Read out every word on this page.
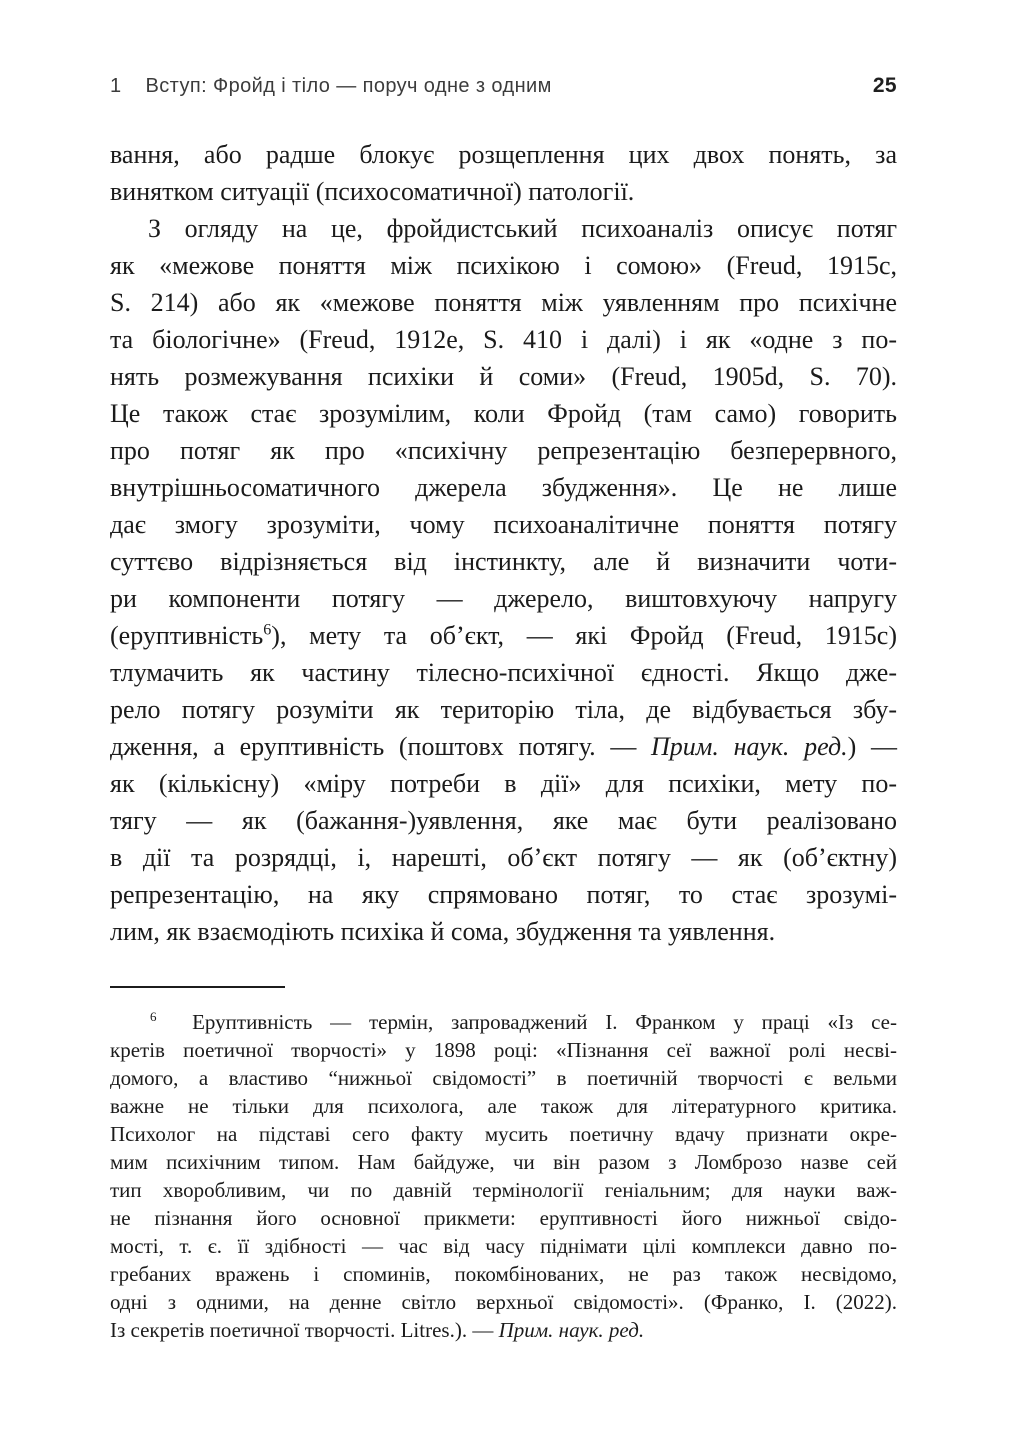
1 Вступ: Фройд і тіло — поруч одне з одним	25
вання, або радше блокує розщеплення цих двох понять, за
винятком ситуації (психосоматичної) патології.
З огляду на це, фройдистський психоаналіз описує потяг
як «межове поняття між психікою і сомою» (Freud, 1915c,
S. 214) або як «межове поняття між уявленням про психічне
та біологічне» (Freud, 1912e, S. 410 і далі) і як «одне з по-
нять розмежування психіки й соми» (Freud, 1905d, S. 70).
Це також стає зрозумілим, коли Фройд (там само) говорить
про потяг як про «психічну репрезентацію безперервного,
внутрішньосоматичного джерела збудження». Це не лише
дає змогу зрозуміти, чому психоаналітичне поняття потягу
суттєво відрізняється від інстинкту, але й визначити чоти-
ри компоненти потягу — джерело, виштовхуючу напругу
(еруптивність$^6$), мету та об’єкт, — які Фройд (Freud, 1915c)
тлумачить як частину тілесно-психічної єдності. Якщо дже-
рело потягу розуміти як територію тіла, де відбувається збу-
дження, а еруптивність (поштовх потягу. — Прим. наук. ред.) —
як (кількісну) «міру потреби в дії» для психіки, мету по-
тягу — як (бажання-)уявлення, яке має бути реалізовано
в дії та розрядці, і, нарешті, об’єкт потягу — як (об’єктну)
репрезентацію, на яку спрямовано потяг, то стає зрозумі-
лим, як взаємодіють психіка й сома, збудження та уявлення.
$^6$  Еруптивність — термін, запроваджений І. Франком у праці «Із се-
кретів поетичної творчості» у 1898 році: «Пізнання сеї важної ролі несві-
домого, а властиво “нижньої свідомості” в поетичній творчості є вельми
важне не тільки для психолога, але також для літературного критика.
Психолог на підставі сего факту мусить поетичну вдачу признати окре-
мим психічним типом. Нам байдуже, чи він разом з Ломброзо назве сей
тип хворобливим, чи по давній термінології геніальним; для науки важ-
не пізнання його основної прикмети: еруптивності його нижньої свідо-
мості, т. є. її здібності — час від часу піднімати цілі комплекси давно по-
гребаних вражень і споминів, покомбінованих, не раз також несвідомо,
одні з одними, на денне світло верхньої свідомості». (Франко, І. (2022).
Із секретів поетичної творчості. Litres.). — Прим. наук. ред.
